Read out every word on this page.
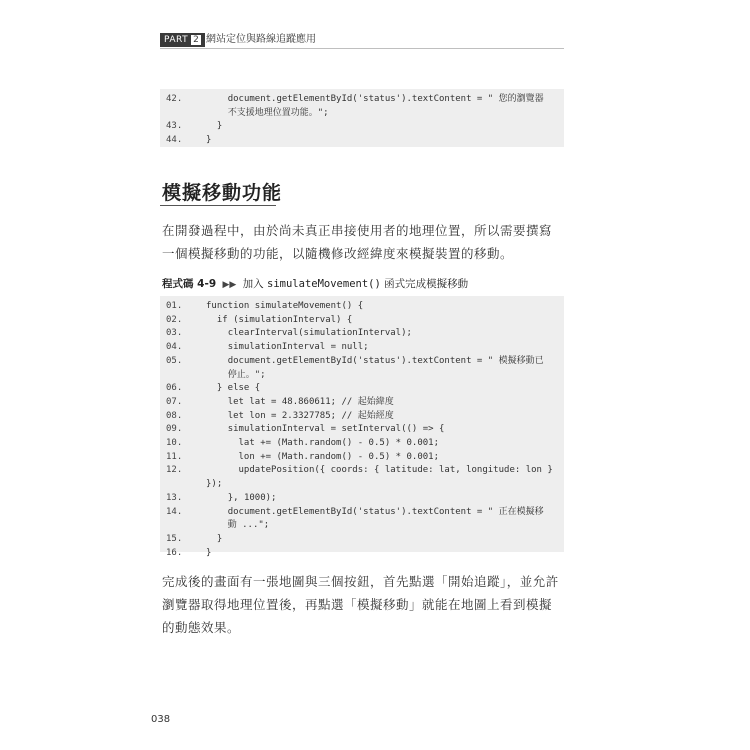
PART 2 網站定位與路線追蹤應用
42.	document.getElementById('status').textContent = " 您的瀏覽器
不支援地理位置功能。";
43.	}
44.	}
模擬移動功能
在開發過程中，由於尚未真正串接使用者的地理位置，所以需要撰寫一個模擬移動的功能，以隨機修改經緯度來模擬裝置的移動。
程式碼 4-9 ▶▶ 加入 simulateMovement() 函式完成模擬移動
01.	function simulateMovement() {
02.	if (simulationInterval) {
03.	clearInterval(simulationInterval);
04.	simulationInterval = null;
05.	document.getElementById('status').textContent = " 模擬移動已
停止。";
06.	} else {
07.	let lat = 48.860611; // 起始緯度
08.	let lon = 2.3327785; // 起始經度
09.	simulationInterval = setInterval(() => {
10.	lat += (Math.random() - 0.5) * 0.001;
11.	lon += (Math.random() - 0.5) * 0.001;
12.	updatePosition({ coords: { latitude: lat, longitude: lon } });
13.	}, 1000);
14.	document.getElementById('status').textContent = " 正在模擬移
動 ...";
15.	}
16.	}
完成後的畫面有一張地圖與三個按鈕，首先點選「開始追蹤」，並允許瀏覽器取得地理位置後，再點選「模擬移動」就能在地圖上看到模擬的動態效果。
038
